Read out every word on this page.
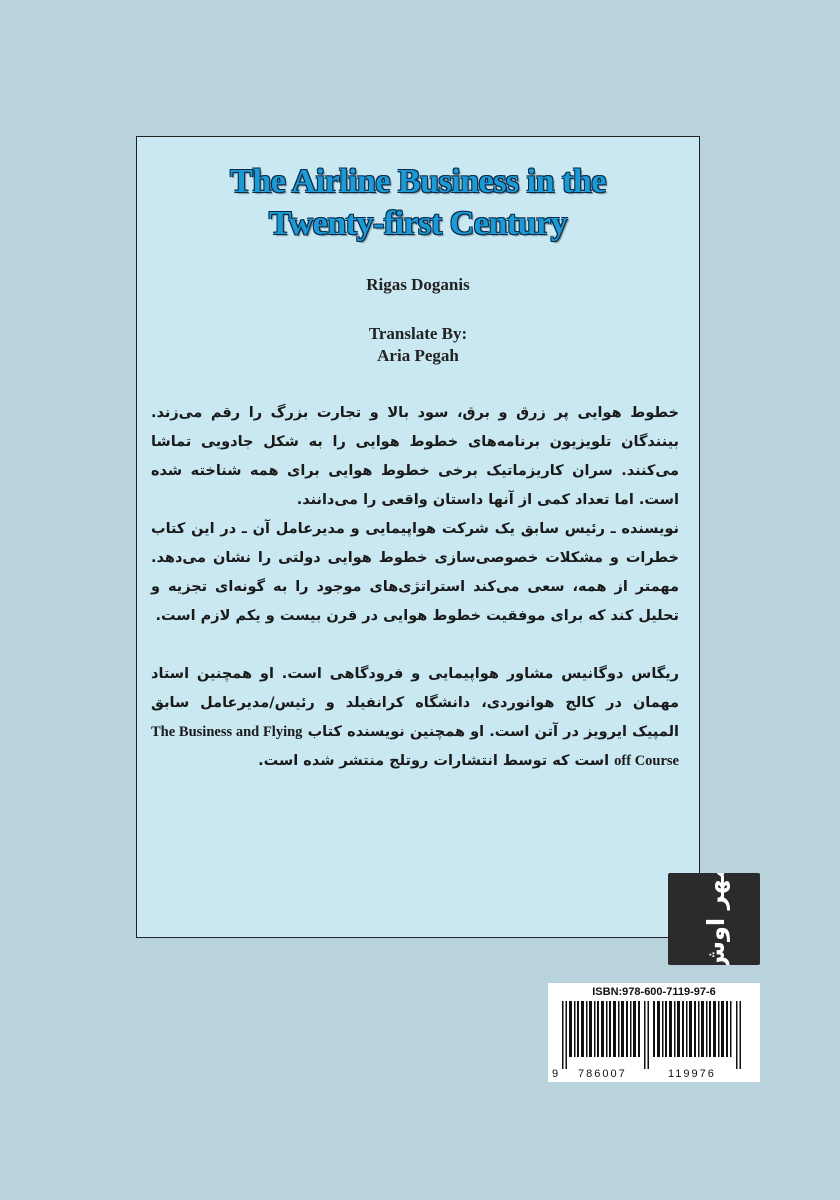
The Airline Business in the
Twenty-first Century
Rigas Doganis
Translate By:
Aria Pegah

خطوط هوایی پر زرق و برق، سود بالا و تجارت بزرگ را رقم می‌زند. بینندگان تلویزیون برنامه‌های خطوط هوایی را به شکل جادویی تماشا می‌کنند. سران کاریزماتیک برخی خطوط هوایی برای همه شناخته شده است. اما تعداد کمی از آنها داستان واقعی را می‌دانند.

نویسنده ـ رئیس سابق یک شرکت هواپیمایی و مدیرعامل آن ـ در این کتاب خطرات و مشکلات خصوصی‌سازی خطوط هوایی دولتی را نشان می‌دهد. مهمتر از همه، سعی می‌کند استراتژی‌های موجود را به گونه‌ای تجزیه و تحلیل کند که برای موفقیت خطوط هوایی در قرن بیست و یکم لازم است.

ریگاس دوگانیس مشاور هواپیمایی و فرودگاهی است. او همچنین استاد مهمان در کالج هوانوردی، دانشگاه کرانفیلد و رئیس/مدیرعامل سابق المپیک ایرویز در آتن است. او همچنین نویسنده کتاب The Business and Flying off Course است که توسط انتشارات روتلج منتشر شده است.

مهر اوش
ISBN:978-600-7119-97-6
9 786007	119976
